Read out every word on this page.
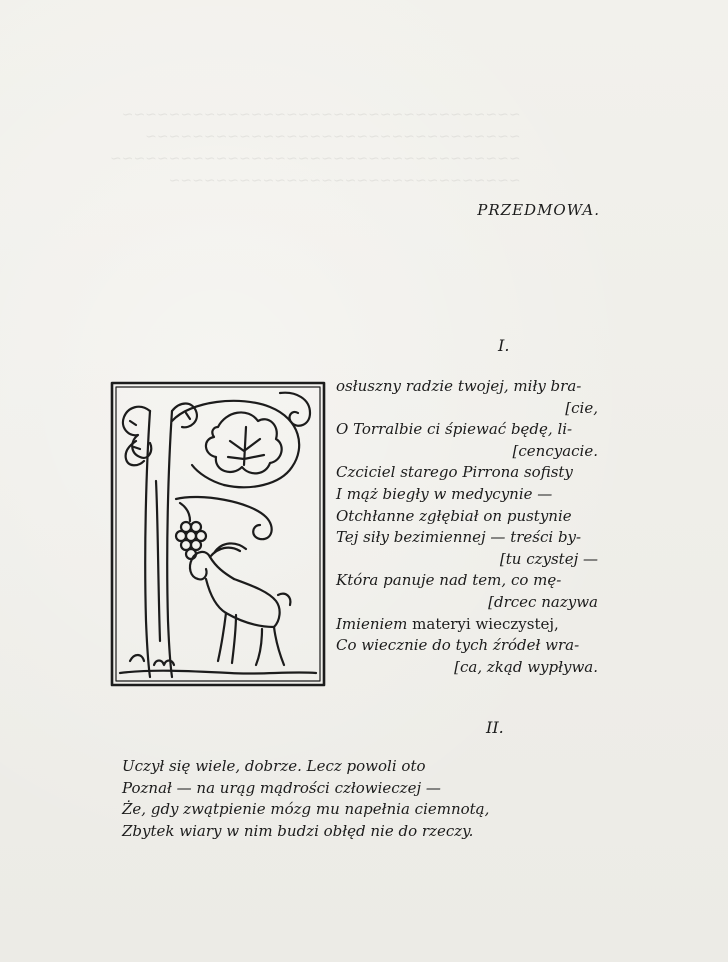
~~~~~~~~~~~~~~~~~~~~~~~~~~~~~~~~~~
~~~~~~~~~~~~~~~~~~~~~~~~~~~~~~~~
~~~~~~~~~~~~~~~~~~~~~~~~~~~~~~~~~~~
~~~~~~~~~~~~~~~~~~~~~~~~~~~~~~
PRZEDMOWA.
I.
osłuszny radzie twojej, miły bra-
[cie,
O Torralbie ci śpiewać będę, li-
[cencyacie.
Czciciel starego Pirrona sofisty
I mąż biegły w medycynie —
Otchłanne zgłębiał on pustynie
Tej siły bezimiennej — treści by-
[tu czystej —
Która panuje nad tem, co mę-
[drcec nazywa
Imieniem materyi wieczystej,
Co wiecznie do tych źródeł wra-
[ca, zkąd wypływa.
II.
Uczył się wiele, dobrze. Lecz powoli oto
Poznał — na urąg mądrości człowieczej —
Że, gdy zwątpienie mózg mu napełnia ciemnotą,
Zbytek wiary w nim budzi obłęd nie do rzeczy.
